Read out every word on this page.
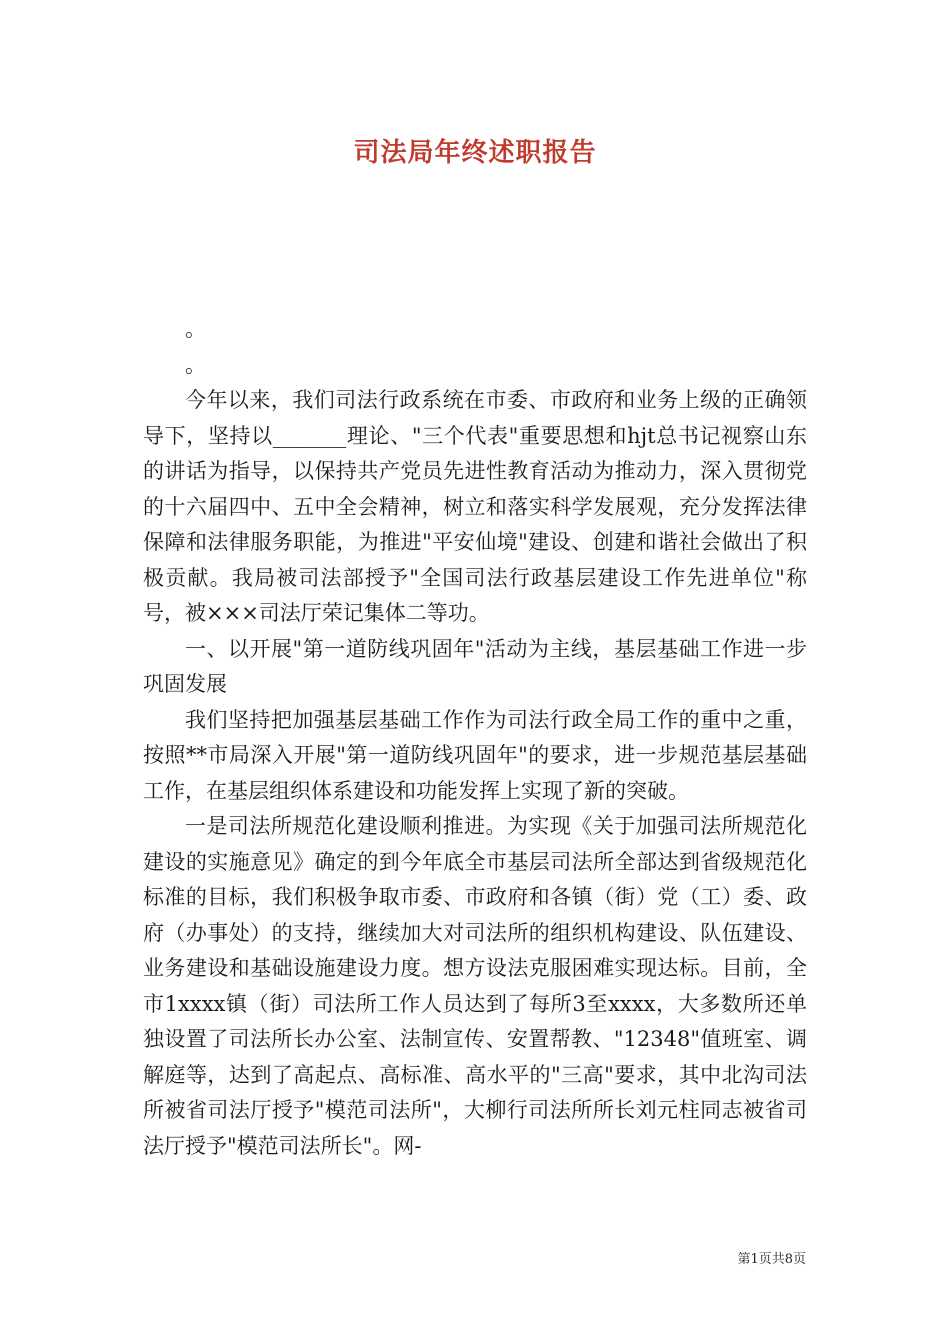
司法局年终述职报告
。
。

今年以来，我们司法行政系统在市委、市政府和业务上级的正确领导下，坚持以_______理论、"三个代表"重要思想和hjt总书记视察山东的讲话为指导，以保持共产党员先进性教育活动为推动力，深入贯彻党的十六届四中、五中全会精神，树立和落实科学发展观，充分发挥法律保障和法律服务职能，为推进"平安仙境"建设、创建和谐社会做出了积极贡献。我局被司法部授予"全国司法行政基层建设工作先进单位"称号，被×××司法厅荣记集体二等功。

一、以开展"第一道防线巩固年"活动为主线，基层基础工作进一步巩固发展

我们坚持把加强基层基础工作作为司法行政全局工作的重中之重，按照**市局深入开展"第一道防线巩固年"的要求，进一步规范基层基础工作，在基层组织体系建设和功能发挥上实现了新的突破。

一是司法所规范化建设顺利推进。为实现《关于加强司法所规范化建设的实施意见》确定的到今年底全市基层司法所全部达到省级规范化标准的目标，我们积极争取市委、市政府和各镇（街）党（工）委、政府（办事处）的支持，继续加大对司法所的组织机构建设、队伍建设、业务建设和基础设施建设力度。想方设法克服困难实现达标。目前，全市1xxxx镇（街）司法所工作人员达到了每所3至xxxx，大多数所还单独设置了司法所长办公室、法制宣传、安置帮教、"12348"值班室、调解庭等，达到了高起点、高标准、高水平的"三高"要求，其中北沟司法所被省司法厅授予"模范司法所"，大柳行司法所所长刘元柱同志被省司法厅授予"模范司法所长"。网-

第1页共8页
